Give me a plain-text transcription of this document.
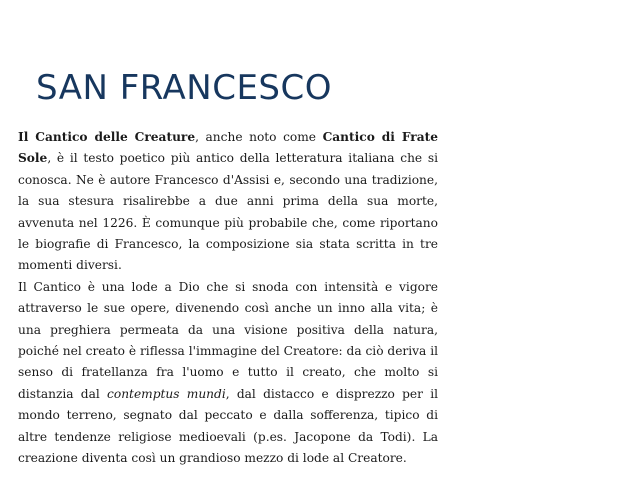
SAN FRANCESCO

Il Cantico delle Creature, anche noto come Cantico di Frate Sole, è il testo poetico più antico della letteratura italiana che si conosca. Ne è autore Francesco d'Assisi e, secondo una tradizione, la sua stesura risalirebbe a due anni prima della sua morte, avvenuta nel 1226. È comunque più probabile che, come riportano le biografie di Francesco, la composizione sia stata scritta in tre momenti diversi.

Il Cantico è una lode a Dio che si snoda con intensità e vigore attraverso le sue opere, divenendo così anche un inno alla vita; è una preghiera permeata da una visione positiva della natura, poiché nel creato è riflessa l'immagine del Creatore: da ciò deriva il senso di fratellanza fra l'uomo e tutto il creato, che molto si distanzia dal contemptus mundi, dal distacco e disprezzo per il mondo terreno, segnato dal peccato e dalla sofferenza, tipico di altre tendenze religiose medioevali (p.es. Jacopone da Todi). La creazione diventa così un grandioso mezzo di lode al Creatore.
